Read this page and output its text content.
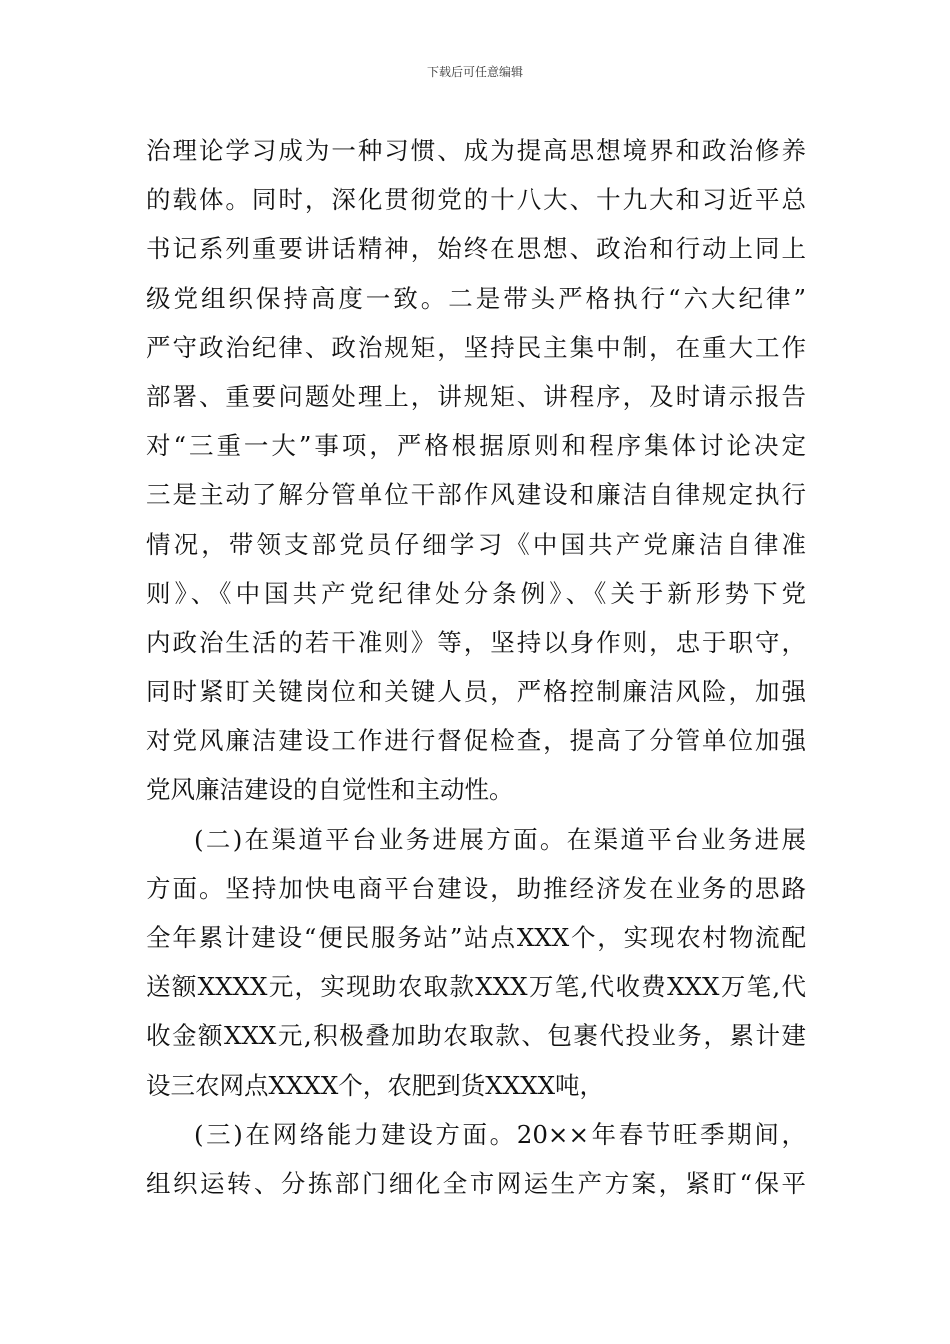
下载后可任意编辑
治理论学习成为一种习惯、成为提高思想境界和政治修养
的载体。同时，深化贯彻党的十八大、十九大和习近平总
书记系列重要讲话精神，始终在思想、政治和行动上同上
级党组织保持高度一致。二是带头严格执行“六大纪律”
严守政治纪律、政治规矩，坚持民主集中制，在重大工作
部署、重要问题处理上，讲规矩、讲程序，及时请示报告
对“三重一大”事项，严格根据原则和程序集体讨论决定
三是主动了解分管单位干部作风建设和廉洁自律规定执行
情况，带领支部党员仔细学习《中国共产党廉洁自律准
则》、《中国共产党纪律处分条例》、《关于新形势下党
内政治生活的若干准则》等，坚持以身作则，忠于职守，
同时紧盯关键岗位和关键人员，严格控制廉洁风险，加强
对党风廉洁建设工作进行督促检查，提高了分管单位加强
党风廉洁建设的自觉性和主动性。
(二)在渠道平台业务进展方面。在渠道平台业务进展
方面。坚持加快电商平台建设，助推经济发在业务的思路
全年累计建设“便民服务站”站点XXX个，实现农村物流配
送额XXXX元，实现助农取款XXX万笔,代收费XXX万笔,代
收金额XXX元,积极叠加助农取款、包裹代投业务，累计建
设三农网点XXXX个，农肥到货XXXX吨，
(三)在网络能力建设方面。20××年春节旺季期间，
组织运转、分拣部门细化全市网运生产方案，紧盯“保平
